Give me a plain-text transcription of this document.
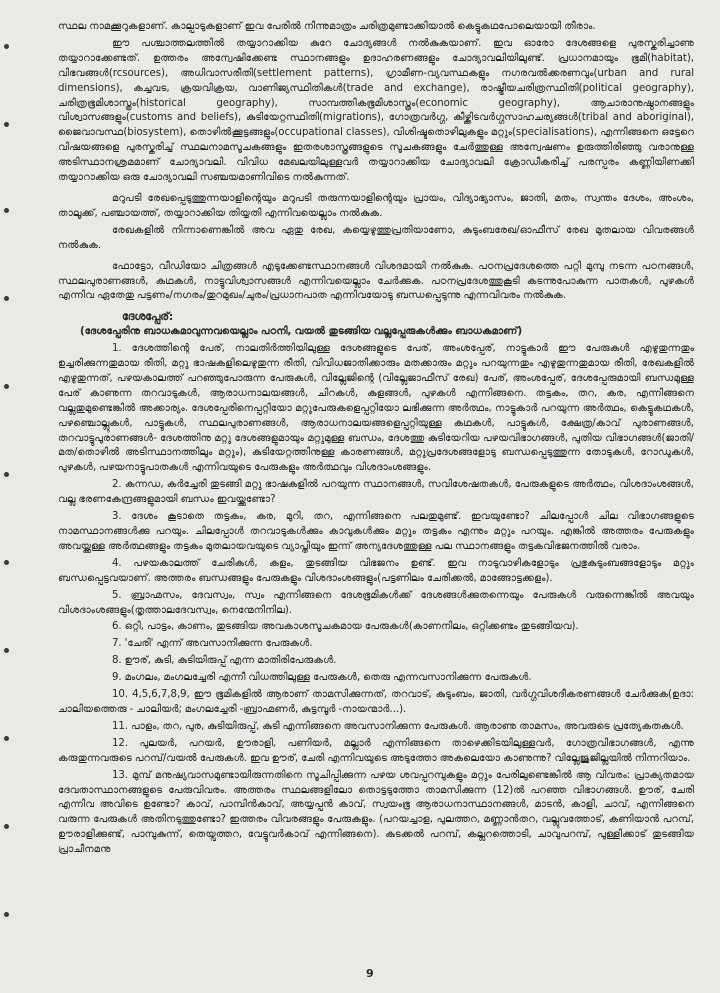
സ്ഥല നാമക്കൂറുകളാണ്. കാല്പാടുകളാണ് ഇവ പേരിൽ നിന്നുമാത്രം ചരിത്രമുണ്ടാക്കിയാൽ കെട്ടുകഥപോലെയായി തീരാം.

ഈ പശ്ചാത്തലത്തിൽ തയ്യാറാക്കിയ കുറേ ചോദ്യങ്ങൾ നൽകുകയാണ്. ഇവ ഓരോ ദേശങ്ങളെ പുരസ്കരിച്ചാണു തയ്യാറാക്കേണ്ടത്. ഉത്തരം അന്വേഷിക്കേണ്ട സ്ഥാനങ്ങളും ഉദാഹരണങ്ങളും ചോദ്യാവലിയിലുണ്ട്. പ്രധാനമായും ഭൂമി(habitat), വിഭവങ്ങൾ(rcsources), അധിവാസരീതി(settlement patterns), ഗ്രാമീണ-വ്യവസ്ഥകളും നഗരവൽക്കരണവും(urban and rural dimensions), കച്ചവട, ക്രയവിക്രയ, വാണിജ്യസ്ഥിതികൾ(trade and exchange), രാഷ്ട്രീയചരിത്രസ്ഥിതി(political geography), ചരിത്രഭൂമിശാസ്ത്രം(historical geography), സാമ്പത്തികഭൂമിശാസ്ത്രം(economic geography), ആചാരാനുഷ്ഠാനങ്ങളും വിശ്വാസങ്ങളും(customs and beliefs), കുടിയേറ്റസ്ഥിതി(migrations), ഗോത്രവർഗ്ഗ, കീഴ്ക്കിടവർഗ്ഗസാഹചര്യങ്ങൾ(tribal and aboriginal), ജൈവാവസ്ഥ(biosystem), തൊഴിൽക്കൂട്ടങ്ങളും(occupational classes), വിശിഷ്ടതൊഴിലുകളും മറ്റും(specialisations), എന്നിങ്ങനെ ഒട്ടേറെ വിഷയങ്ങളെ പുരസ്കരിച്ച് സ്ഥലനാമസൂചകങ്ങളും ഇതരശാസ്ത്രങ്ങളുടെ സൂചകങ്ങളും ചേർത്തുള്ള അന്വേഷണം ഉരുത്തിരിഞ്ഞു വരാനുള്ള അടിസ്ഥാനശ്രമമാണ് ചോദ്യാവലി. വിവിധ മേഖലയിലുള്ളവർ തയ്യാറാക്കിയ ചോദ്യാവലി ക്രോഡീകരിച്ച് പരസ്പരം കണ്ണിയിണക്കി തയ്യാറാക്കിയ ഒരു ചോദ്യാവലി സഞ്ചയമാണിവിടെ നൽകുന്നത്.

മറുപടി രേഖപ്പെടുത്തുന്നയാളിന്റെയും മറുപടി തരുന്നയാളിന്റെയും പ്രായം, വിദ്യാഭ്യാസം, ജാതി, മതം, സ്വന്തം ദേശം, അംശം, താലൂക്ക്, പഞ്ചായത്ത്, തയ്യാറാക്കിയ തിയ്യതി എന്നിവയെല്ലാം നൽകുക.

രേഖകളിൽ നിന്നാണെങ്കിൽ അവ ഏതു രേഖ, കയ്യെഴുത്തുപ്രതിയാണോ, കുടുംബരേഖ/ഓഫീസ് രേഖ മുതലായ വിവരങ്ങൾ നൽകുക.

ഫോട്ടോ, വീഡിയോ ചിത്രങ്ങൾ എടുക്കേണ്ടസ്ഥാനങ്ങൾ വിശദമായി നൽകുക. പഠനപ്രദേശത്തെ പറ്റി മുമ്പു നടന്ന പഠനങ്ങൾ, സ്ഥലപുരാണങ്ങൾ, കഥകൾ, നാട്ടുവിശ്വാസങ്ങൾ എന്നിവയെല്ലാം ചേർക്കുക. പഠനപ്രദേശത്തുകൂടി കടന്നുപോകുന്ന പാതകൾ, പുഴകൾ എന്നിവ ഏതേതു പട്ടണം/നഗരം/തുറമുഖം/ചുരം/പ്രധാനപാത എന്നിവയോടു ബന്ധപ്പെടുന്നു എന്നവിവരം നൽകുക.

ദേശപ്പേര്:

(ദേശപ്പേരിനു ബാധകമാവുന്നവയെല്ലാം പഠനി, വയൽ തുടങ്ങിയ വല്ലപ്പേരുകൾക്കും ബാധകമാണ്)

1. ദേശത്തിന്റെ പേര്, നാലതിർത്തിയിലുള്ള ദേശങ്ങളുടെ പേര്, അംശപ്പേര്, നാട്ടുകാർ ഈ പേരുകൾ എഴുതുന്നതും ഉച്ചരിക്കുന്നതുമായ രീതി, മറ്റു ഭാഷകളിലെഴുതുന്ന രീതി, വിവിധജാതിക്കാരും മതക്കാരും മറ്റും പറയുന്നതും എഴുതുന്നതുമായ രീതി, രേഖകളിൽ എഴുതുന്നത്, പഴയകാലത്ത് പറഞ്ഞുപോരുന്ന പേരുകൾ, വില്ലേജിന്റെ (വില്ലേജാഫീസ് രേഖ) പേര്, അംശപ്പേര്, ദേശപ്പേരുമായി ബന്ധമുള്ള പേര് കാണുന്ന തറവാടുകൾ, ആരാധനാലയങ്ങൾ, ചിറകൾ, കുളങ്ങൾ, പുഴകൾ എന്നിങ്ങനെ. തട്ടകം, തറ, കര, എന്നിങ്ങനെ വല്ലതുമുണ്ടെങ്കിൽ അക്കാര്യം. ദേശപ്പേരിനെപ്പറ്റിയോ മറ്റുപേരുകളെപ്പറ്റിയോ ലഭിക്കുന്ന അർത്ഥം, നാട്ടുകാർ പറയുന്ന അർത്ഥം, കെട്ടുകഥകൾ, പഴഞ്ചൊല്ലുകൾ, പാട്ടുകൾ, സ്ഥലപുരാണങ്ങൾ, ആരാധനാലയങ്ങളെപ്പറ്റിയുള്ള കഥകൾ, പാട്ടുകൾ, ക്ഷേത്ര/കാവ് പുരാണങ്ങൾ, തറവാട്ടുപുരാണങ്ങൾ- ദേശത്തിനു മറ്റു ദേശങ്ങളുമായും മറ്റുമുള്ള ബന്ധം, ദേശത്തു കുടിയേറിയ പഴയവിഭാഗങ്ങൾ, പുതിയ വിഭാഗങ്ങൾ(ജാതി/മത/തൊഴിൽ അടിസ്ഥാനത്തിലും മറ്റും), കുടിയേറ്റത്തിനുള്ള കാരണങ്ങൾ, മറ്റുപ്രദേശങ്ങളോടു ബന്ധപ്പെടുത്തുന്ന തോടുകൾ, റോഡുകൾ, പുഴകൾ, പഴയനാട്ടുപാതകൾ എന്നിവയുടെ പേരുകളും അർത്ഥവും വിശദാംശങ്ങളും.

2. കന്നഡ, കർച്ചേരി തുടങ്ങി മറ്റു ഭാഷകളിൽ പറയുന്ന സ്ഥാനങ്ങൾ, സവിശേഷതകൾ, പേരുകളുടെ അർത്ഥം, വിശദാംശങ്ങൾ, വല്ല ഭരണകേന്ദ്രങ്ങളുമായി ബന്ധം ഇവയ്ക്കുണ്ടോ?

3. ദേശം കൂടാതെ തട്ടകം, കര, മുറി, തറ, എന്നിങ്ങനെ പലതുമുണ്ട്. ഇവയുണ്ടോ? ചിലപ്പോൾ ചില വിഭാഗങ്ങളുടെ നാമസ്ഥാനങ്ങൾക്കു പറയും. ചിലപ്പോൾ തറവാടുകൾക്കും കാവുകൾക്കും മറ്റും തട്ടകം എന്നും മറ്റും പറയും. എങ്കിൽ അത്തരം പേരുകളും അവയ്ക്കുള്ള അർത്ഥങ്ങളും തട്ടകം മുതലായവയുടെ വ്യാപ്തിയും ഇന്ന് അന്യദേശത്തുള്ള പല സ്ഥാനങ്ങളും തട്ടകവിഭജനത്തിൽ വരാം.

4. പഴയകാലത്ത് ചേരികൾ, കളം, തുടങ്ങിയ വിഭജനം ഉണ്ട്. ഇവ നാടുവാഴികളോടും പ്രഭുകുടുംബങ്ങളോടും മറ്റും ബന്ധപ്പെട്ടവയാണ്. അത്തരം ബന്ധങ്ങളും പേരുകളും വിശദാംശങ്ങളും(പട്ടണിലം ചേരിക്കൽ, മാങ്ങോട്ടക്കളം).

5. ബ്രാഹ്മസം, ദേവസ്വം, സ്വം എന്നിങ്ങനെ ദേശഭൂമികൾക്ക് ദേശങ്ങൾക്കുതന്നെയും പേരുകൾ വരുന്നെങ്കിൽ അവയും വിശദാംശങ്ങളും(തൃത്താലദേവസ്വം, നെന്മേനിനില).

6. ഒറ്റി, പാട്ടം, കാണം, തുടങ്ങിയ അവകാശസൂചകമായ പേരുകൾ(കാണനിലം, ഒറ്റിക്കണ്ടം തുടങ്ങിയവ).

7. 'ചേരി' എന്ന് അവസാനിക്കുന്ന പേരുകൾ.

8. ഊര്, കുടി, കുടിയിരുപ്പ് എന്ന മാതിരിപേരുകൾ.

9. മംഗലം, മംഗലച്ചേരി എന്നീ വിധത്തിലുള്ള പേരുകൾ, തെരു എന്നവസാനിക്കുന്ന പേരുകൾ.

10. 4,5,6,7,8,9, ഈ ഭൂമികളിൽ ആരാണ് താമസിക്കുന്നത്, തറവാട്, കുടുംബം, ജാതി, വർഗ്ഗവിശദീകരണങ്ങൾ ചേർക്കുക(ഉദാ: ചാലിയത്തെരു - ചാലിയർ; മംഗലച്ചേരി -ബ്രാഹ്മണർ, കുട്ടമ്പൂർ -നായന്മാർ...).

11. പാളം, തറ, പുര, കുടിയിരുപ്പ്, കുടി എന്നിങ്ങനെ അവസാനിക്കുന്ന പേരുകൾ. ആരാണു താമസം, അവരുടെ പ്രത്യേകതകൾ.

12. പുലയർ, പറയർ, ഊരാളി, പണിയർ, മല്ലാർ എന്നിങ്ങനെ താഴെക്കിടയിലുള്ളവർ, ഗോത്രവിഭാഗങ്ങൾ, എന്നു കരുതുന്നവരുടെ പറമ്പ്/വയൽ പേരുകൾ. ഇവ ഊര്, ചേരി എന്നിവയുടെ അടുത്തോ അകലെയോ കാണുന്നു? വില്ലേജുജില്ലയിൽ നിന്നറിയാം.

13. മുമ്പ് മനുഷ്യവാസമുണ്ടായിരുന്നതിനെ സൂചിപ്പിക്കുന്ന പഴയ ശവപ്പറമ്പുകളും മറ്റും പേരിലുണ്ടെങ്കിൽ ആ വിവരം: പ്രാക്യതമായ ദേവതാസ്ഥാനങ്ങളുടെ പേരുവിവരം. അത്തരം സ്ഥലങ്ങളിലോ തൊട്ടടുത്തോ താമസിക്കുന്ന (12)ൽ പറഞ്ഞ വിഭാഗങ്ങൾ. ഊര്, ചേരി എന്നിവ അവിടെ ഉണ്ടോ? കാവ്, പാമ്പിൻകാവ്, അയ്യപ്പൻ കാവ്, സ്വയംഭൂ ആരാധനാസ്ഥാനങ്ങൾ, മാടൻ, കാളി, ചാവ്, എന്നിങ്ങനെ വരുന്ന പേരുകൾ അതിനടുത്തുണ്ടോ? ഇത്തരം വിവരങ്ങളും പേരുകളും. (പറയച്ചാള, പുലത്തറ, മണ്ണാൻതറ, വല്ലുവത്തോട്, കണിയാൻ പറമ്പ്, ഊരാളിക്കുണ്ട്, പാമ്പുകുന്ന്, തെയ്വത്തറ, വേട്ടുവർകാവ് എന്നിങ്ങനെ). കുടക്കൽ പറമ്പ്, കല്ലറത്തൊടി, ചാവുപറമ്പ്, പുള്ളിക്കാട് തുടങ്ങിയ പ്രാചീനമനു

9
